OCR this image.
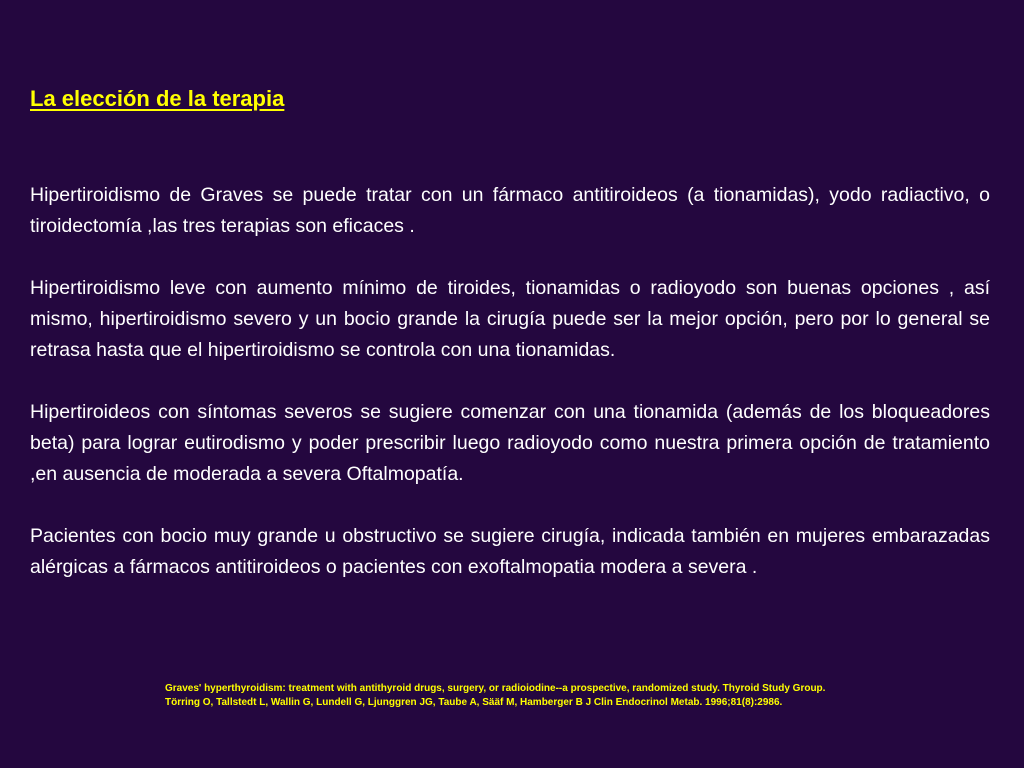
La elección de la terapia

Hipertiroidismo de Graves se puede tratar con un fármaco antitiroideos (a tionamidas), yodo radiactivo, o tiroidectomía ,las tres terapias son eficaces .

Hipertiroidismo leve con aumento mínimo de tiroides, tionamidas o radioyodo son buenas opciones , así mismo, hipertiroidismo severo y un bocio grande la cirugía puede ser la mejor opción, pero por lo general se retrasa hasta que el hipertiroidismo se controla con una tionamidas.

Hipertiroideos con síntomas severos se sugiere comenzar con una tionamida (además de los bloqueadores beta) para lograr eutirodismo y poder prescribir luego radioyodo como nuestra primera opción de tratamiento ,en ausencia de moderada a severa Oftalmopatía.

Pacientes con bocio muy grande u obstructivo se sugiere cirugía, indicada también en mujeres embarazadas alérgicas a fármacos antitiroideos o pacientes con exoftalmopatia modera a severa .

Graves' hyperthyroidism: treatment with antithyroid drugs, surgery, or radioiodine--a prospective, randomized study. Thyroid Study Group.
Törring O, Tallstedt L, Wallin G, Lundell G, Ljunggren JG, Taube A, Sääf M, Hamberger B J Clin Endocrinol Metab. 1996;81(8):2986.
